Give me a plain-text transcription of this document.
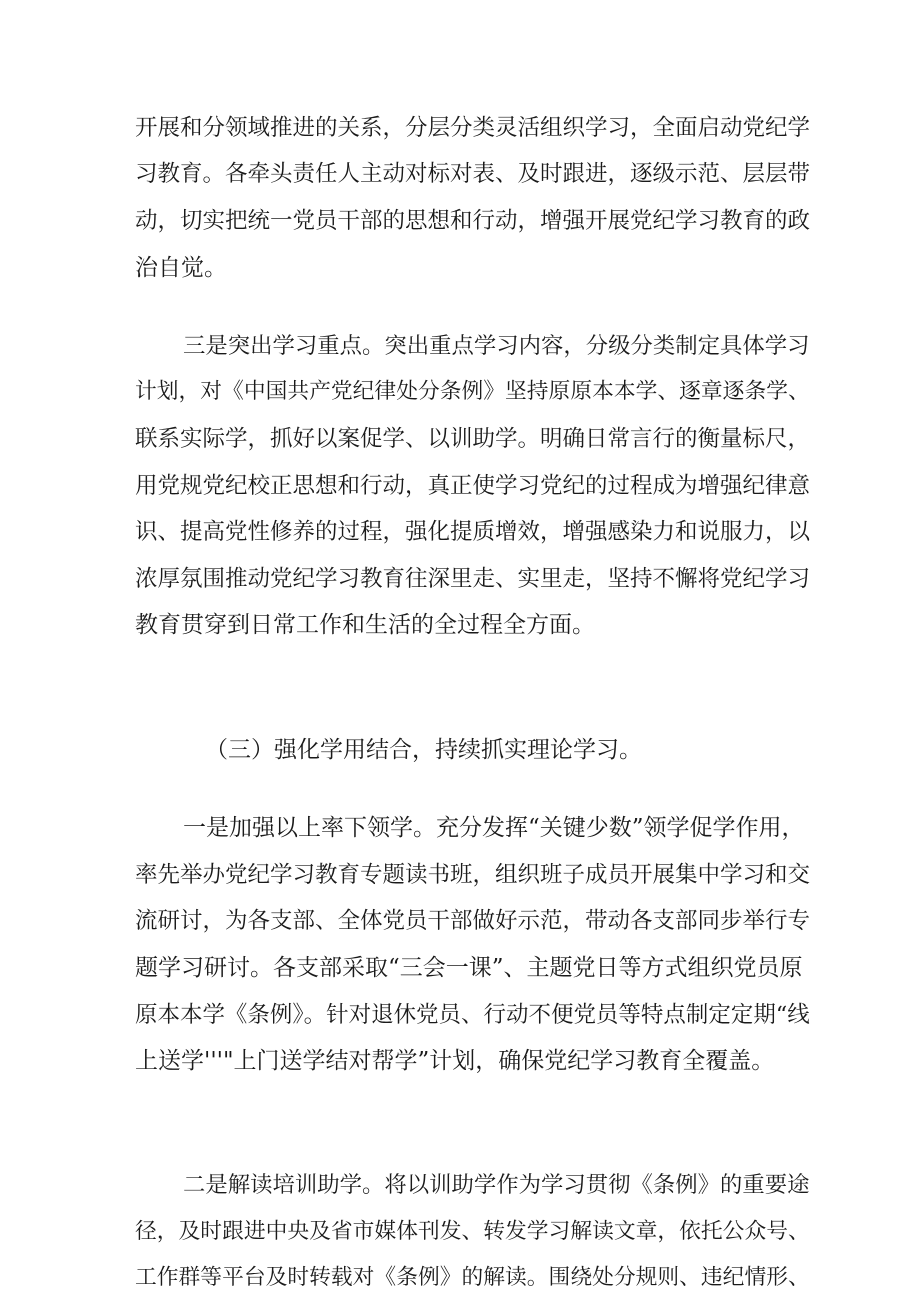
开展和分领域推进的关系，分层分类灵活组织学习，全面启动党纪学

习教育。各牵头责任人主动对标对表、及时跟进，逐级示范、层层带

动，切实把统一党员干部的思想和行动，增强开展党纪学习教育的政

治自觉。

三是突出学习重点。突出重点学习内容，分级分类制定具体学习

计划，对《中国共产党纪律处分条例》坚持原原本本学、逐章逐条学、

联系实际学，抓好以案促学、以训助学。明确日常言行的衡量标尺，

用党规党纪校正思想和行动，真正使学习党纪的过程成为增强纪律意

识、提高党性修养的过程，强化提质增效，增强感染力和说服力，以

浓厚氛围推动党纪学习教育往深里走、实里走，坚持不懈将党纪学习

教育贯穿到日常工作和生活的全过程全方面。

（三）强化学用结合，持续抓实理论学习。

一是加强以上率下领学。充分发挥“关键少数”领学促学作用，

率先举办党纪学习教育专题读书班，组织班子成员开展集中学习和交

流研讨，为各支部、全体党员干部做好示范，带动各支部同步举行专

题学习研讨。各支部采取“三会一课”、主题党日等方式组织党员原

原本本学《条例》。针对退休党员、行动不便党员等特点制定定期“线

上送学'''"上门送学结对帮学”计划，确保党纪学习教育全覆盖。

二是解读培训助学。将以训助学作为学习贯彻《条例》的重要途

径，及时跟进中央及省市媒体刊发、转发学习解读文章，依托公众号、

工作群等平台及时转载对《条例》的解读。围绕处分规则、违纪情形、
